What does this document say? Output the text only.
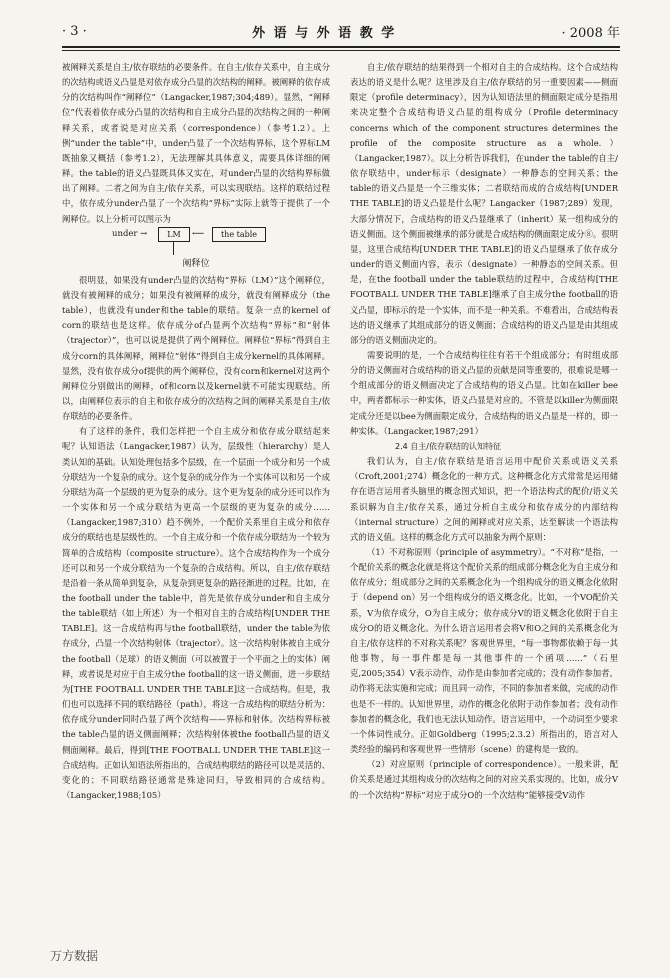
· 3 ·	外 语 与 外 语 教 学	· 2008 年

被阐释关系是自主/依存联结的必要条件。在自主/依存关系中，自主成分的次结构或语义凸显是对依存成分凸显的次结构的阐释。被阐释的依存成分的次结构叫作“阐释位”（Langacker,1987;304;489）。显然，“阐释位”代表着依存成分凸显的次结构和自主成分凸显的次结构之间的一种阐释关系，或者说是对应关系（correspondence）（参考1.2）。上例“under the table”中，under凸显了一个次结构界标，这个界标LM既抽象又概括（参考1.2），无法理解其具体意义，需要具体详细的阐释。the table的语义凸显既具体又实在，对under凸显的次结构界标做出了阐释。二者之间为自主/依存关系，可以实现联结。这样的联结过程中，依存成分under凸显了一个次结构“界标”实际上就等于提供了一个阐释位。以上分析可以图示为

under →	LM	⟵	the table
阐释位

很明显，如果没有under凸显的次结构“界标（LM）”这个阐释位，就没有被阐释的成分；如果没有被阐释的成分，就没有阐释成分（the table），也就没有under和the table的联结。复杂一点的kernel of corn的联结也是这样。依存成分of凸显两个次结构“界标”和“射体（trajector）”，也可以说是提供了两个阐释位。阐释位“界标”得到自主成分corn的具体阐释，阐释位“射体”得到自主成分kernel的具体阐释。显然，没有依存成分of提供的两个阐释位，没有corn和kernel对这两个阐释位分别做出的阐释，of和corn以及kernel就不可能实现联结。所以，由阐释位表示的自主和依存成分的次结构之间的阐释关系是自主/依存联结的必要条件。

有了这样的条件，我们怎样把一个自主成分和依存成分联结起来呢？认知语法（Langacker,1987）认为，层级性（hierarchy）是人类认知的基础。认知处理包括多个层级，在一个层面一个成分和另一个成分联结为一个复杂的成分。这个复杂的成分作为一个实体可以和另一个成分联结为高一个层级的更为复杂的成分。这个更为复杂的成分还可以作为一个实体和另一个成分联结为更高一个层级的更为复杂的成分……（Langacker,1987;310）趋不例外，一个配价关系里自主成分和依存成分的联结也是层级性的。一个自主成分和一个依存成分联结为一个较为简单的合成结构（composite structure）。这个合成结构作为一个成分还可以和另一个成分联结为一个复杂的合成结构。所以，自主/依存联结是沿着一条从简单到复杂，从复杂到更复杂的路径渐进的过程。比如，在the football under the table中，首先是依存成分under和自主成分the table联结（如上所述）为一个相对自主的合成结构[UNDER THE TABLE]。这一合成结构再与the football联结，under the table为依存成分，凸显一个次结构射体（trajector）。这一次结构射体被自主成分the football（足球）的语义侧面（可以被置于一个平面之上的实体）阐释，或者说是对应于自主成分the football的这一语义侧面，进一步联结为[THE FOOTBALL UNDER THE TABLE]这一合成结构。但是，我们也可以选择不同的联结路径（path），将这一合成结构的联结分析为：依存成分under同时凸显了两个次结构——界标和射体。次结构界标被the table凸显的语义侧面阐释；次结构射体被the football凸显的语义侧面阐释。最后，得到[THE FOOTBALL UNDER THE TABLE]这一合成结构。正如认知语法所指出的，合成结构联结的路径可以是灵活的、变化的；不同联结路径通常是殊途同归，导致相同的合成结构。（Langacker,1988;105）

自主/依存联结的结果得到一个相对自主的合成结构。这个合成结构表达的语义是什么呢？这里涉及自主/依存联结的另一重要因素——侧面限定（profile determinacy），因为认知语法里的侧面限定成分是指用来决定整个合成结构语义凸显的组构成分（Profile determinacy concerns which of the component structures determines the profile of the composite structure as a whole.）（Langacker,1987）。以上分析告诉我们，在under the table的自主/依存联结中，under标示（designate）一种静态的空间关系；the table的语义凸显是一个三维实体；二者联结而成的合成结构[UNDER THE TABLE]的语义凸显是什么呢？Langacker（1987;289）发现，大部分情况下，合成结构的语义凸显继承了（inherit）某一组构成分的语义侧面。这个侧面被继承的部分就是合成结构的侧面限定成分⑧。很明显，这里合成结构[UNDER THE TABLE]的语义凸显继承了依存成分under的语义侧面内容，表示（designate）一种静态的空间关系。但是，在the football under the table联结的过程中，合成结构[THE FOOTBALL UNDER THE TABLE]继承了自主成分the football的语义凸显，即标示的是一个实体，而不是一种关系。不难看出，合成结构表达的语义继承了其组成部分的语义侧面；合成结构的语义凸显是由其组成部分的语义侧面决定的。

需要说明的是，一个合成结构往往有若干个组成部分；有时组成部分的语义侧面对合成结构的语义凸显的贡献是同等重要的，很难说是哪一个组成部分的语义侧面决定了合成结构的语义凸显。比如在killer bee中，两者都标示一种实体，语义凸显是对应的。不管是以killer为侧面限定成分还是以bee为侧面限定成分，合成结构的语义凸显是一样的，即一种实体。（Langacker,1987;291）

2.4 自主/依存联结的认知特征

我们认为，自主/依存联结是语言运用中配价关系或语义关系（Croft,2001;274）概念化的一种方式。这种概念化方式常常是运用储存在语言运用者头脑里的概念图式知识，把一个语法构式的配价/语义关系识解为自主/依存关系，通过分析自主成分和依存成分的内部结构（internal structure）之间的阐释或对应关系，达至解读一个语法构式的语义值。这样的概念化方式可以抽象为两个原则：

（1）不对称原则（principle of asymmetry）。“不对称”是指，一个配价关系的概念化就是将这个配价关系的组成部分概念化为自主成分和依存成分；组成部分之间的关系概念化为一个组构成分的语义概念化依附于（depend on）另一个组构成分的语义概念化。比如，一个VO配价关系，V为依存成分，O为自主成分；依存成分V的语义概念化依附于自主成分O的语义概念化。为什么语言运用者会将V和O之间的关系概念化为自主/依存这样的不对称关系呢？客观世界里，“每一事物都依赖于每一其他事物，每一事件都是每一其他事件的一个函项……”（石里克,2005;354）V表示动作，动作是由参加者完成的；没有动作参加者，动作将无法实施和完成；而且同一动作，不同的参加者来做，完成的动作也是不一样的。认知世界里，动作的概念化依附于动作参加者；没有动作参加者的概念化，我们也无法认知动作。语言运用中，一个动词至少要求一个体词性成分。正如Goldberg（1995;2.3.2）所指出的，语言对人类经验的编码和客观世界一些情形（scene）的建构是一致的。

（2）对应原则（principle of correspondence）。一般来讲，配价关系是通过其组构成分的次结构之间的对应关系实现的。比如，成分V的一个次结构“界标”对应于成分O的一个次结构“能够接受V动作

万方数据
